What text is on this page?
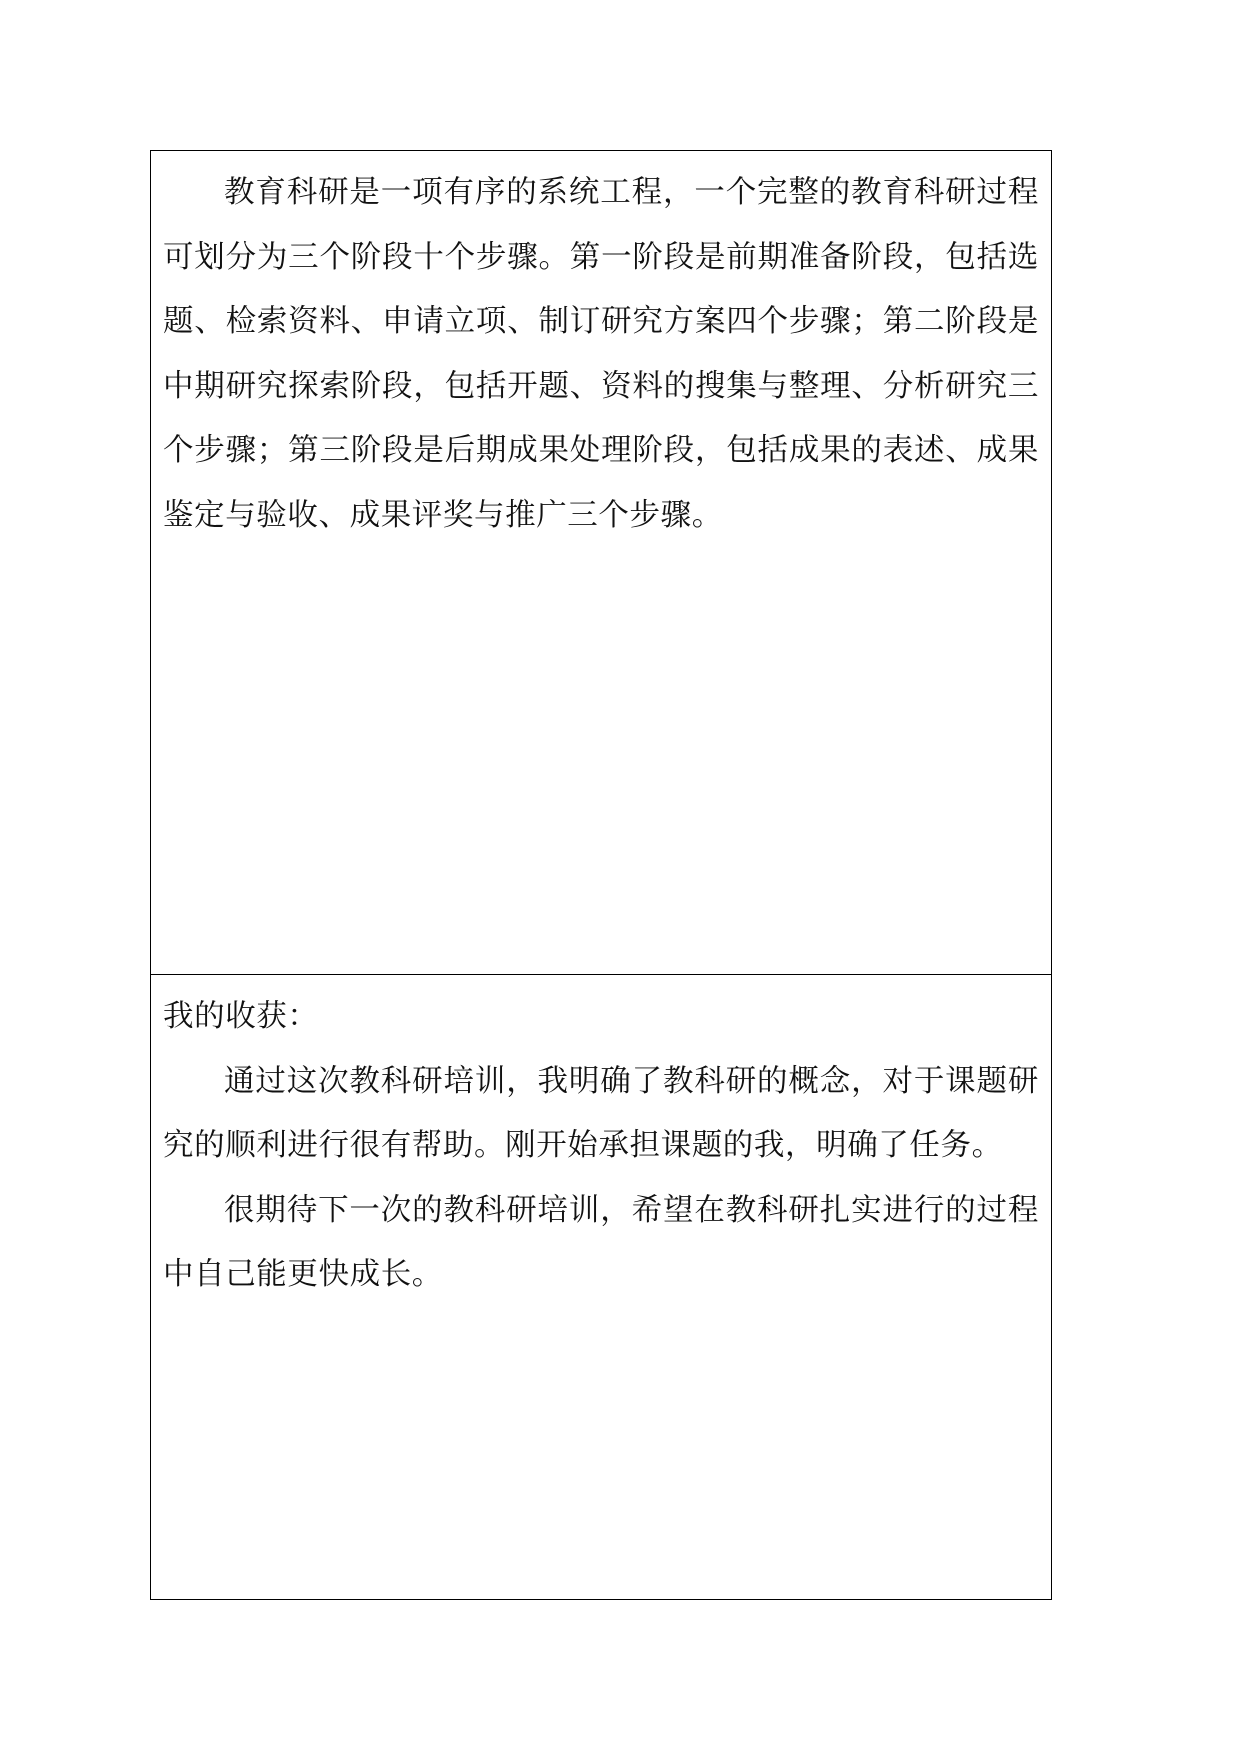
教育科研是一项有序的系统工程，一个完整的教育科研过程可划分为三个阶段十个步骤。第一阶段是前期准备阶段，包括选题、检索资料、申请立项、制订研究方案四个步骤；第二阶段是中期研究探索阶段，包括开题、资料的搜集与整理、分析研究三个步骤；第三阶段是后期成果处理阶段，包括成果的表述、成果鉴定与验收、成果评奖与推广三个步骤。

我的收获：

通过这次教科研培训，我明确了教科研的概念，对于课题研究的顺利进行很有帮助。刚开始承担课题的我，明确了任务。

很期待下一次的教科研培训，希望在教科研扎实进行的过程中自己能更快成长。
